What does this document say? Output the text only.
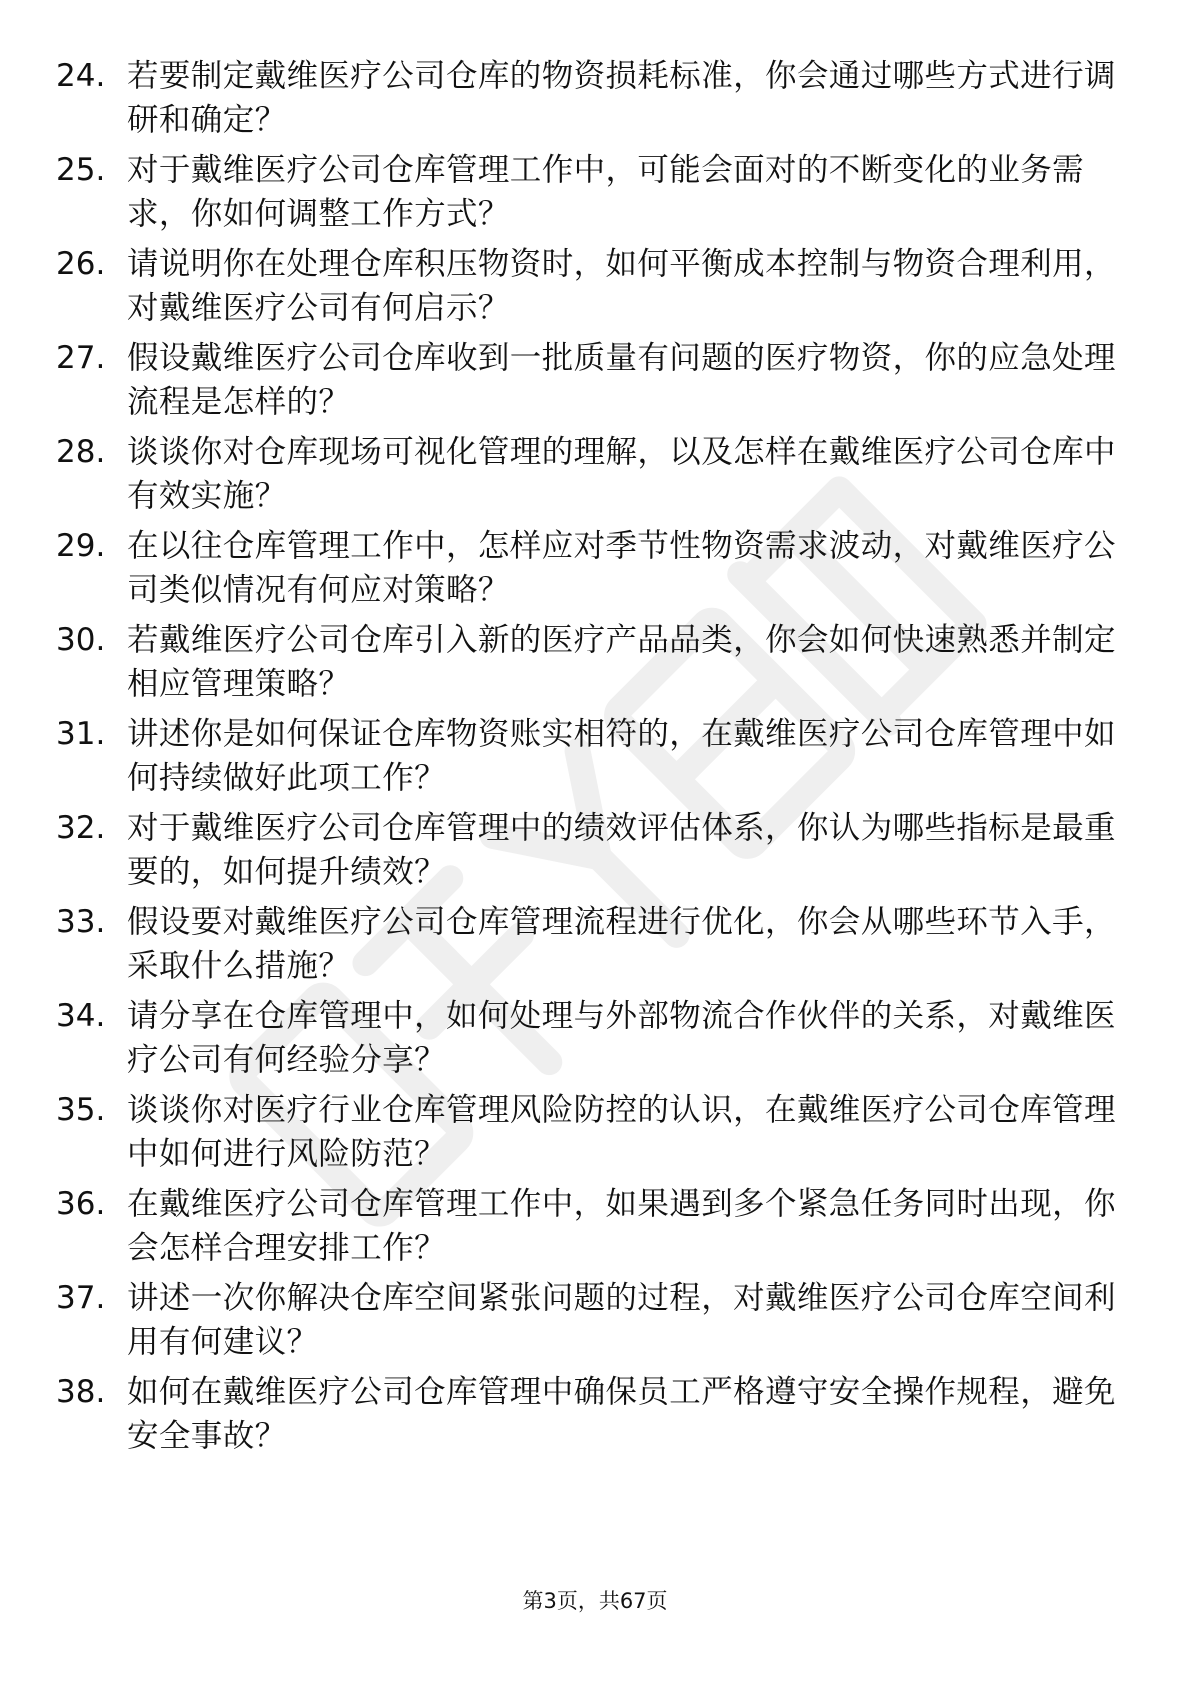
24. 若要制定戴维医疗公司仓库的物资损耗标准，你会通过哪些方式进行调研和确定？
25. 对于戴维医疗公司仓库管理工作中，可能会面对的不断变化的业务需求，你如何调整工作方式？
26. 请说明你在处理仓库积压物资时，如何平衡成本控制与物资合理利用，对戴维医疗公司有何启示？
27. 假设戴维医疗公司仓库收到一批质量有问题的医疗物资，你的应急处理流程是怎样的？
28. 谈谈你对仓库现场可视化管理的理解，以及怎样在戴维医疗公司仓库中有效实施？
29. 在以往仓库管理工作中，怎样应对季节性物资需求波动，对戴维医疗公司类似情况有何应对策略？
30. 若戴维医疗公司仓库引入新的医疗产品品类，你会如何快速熟悉并制定相应管理策略？
31. 讲述你是如何保证仓库物资账实相符的，在戴维医疗公司仓库管理中如何持续做好此项工作？
32. 对于戴维医疗公司仓库管理中的绩效评估体系，你认为哪些指标是最重要的，如何提升绩效？
33. 假设要对戴维医疗公司仓库管理流程进行优化，你会从哪些环节入手，采取什么措施？
34. 请分享在仓库管理中，如何处理与外部物流合作伙伴的关系，对戴维医疗公司有何经验分享？
35. 谈谈你对医疗行业仓库管理风险防控的认识，在戴维医疗公司仓库管理中如何进行风险防范？
36. 在戴维医疗公司仓库管理工作中，如果遇到多个紧急任务同时出现，你会怎样合理安排工作？
37. 讲述一次你解决仓库空间紧张问题的过程，对戴维医疗公司仓库空间利用有何建议？
38. 如何在戴维医疗公司仓库管理中确保员工严格遵守安全操作规程，避免安全事故？
第3页，共67页
